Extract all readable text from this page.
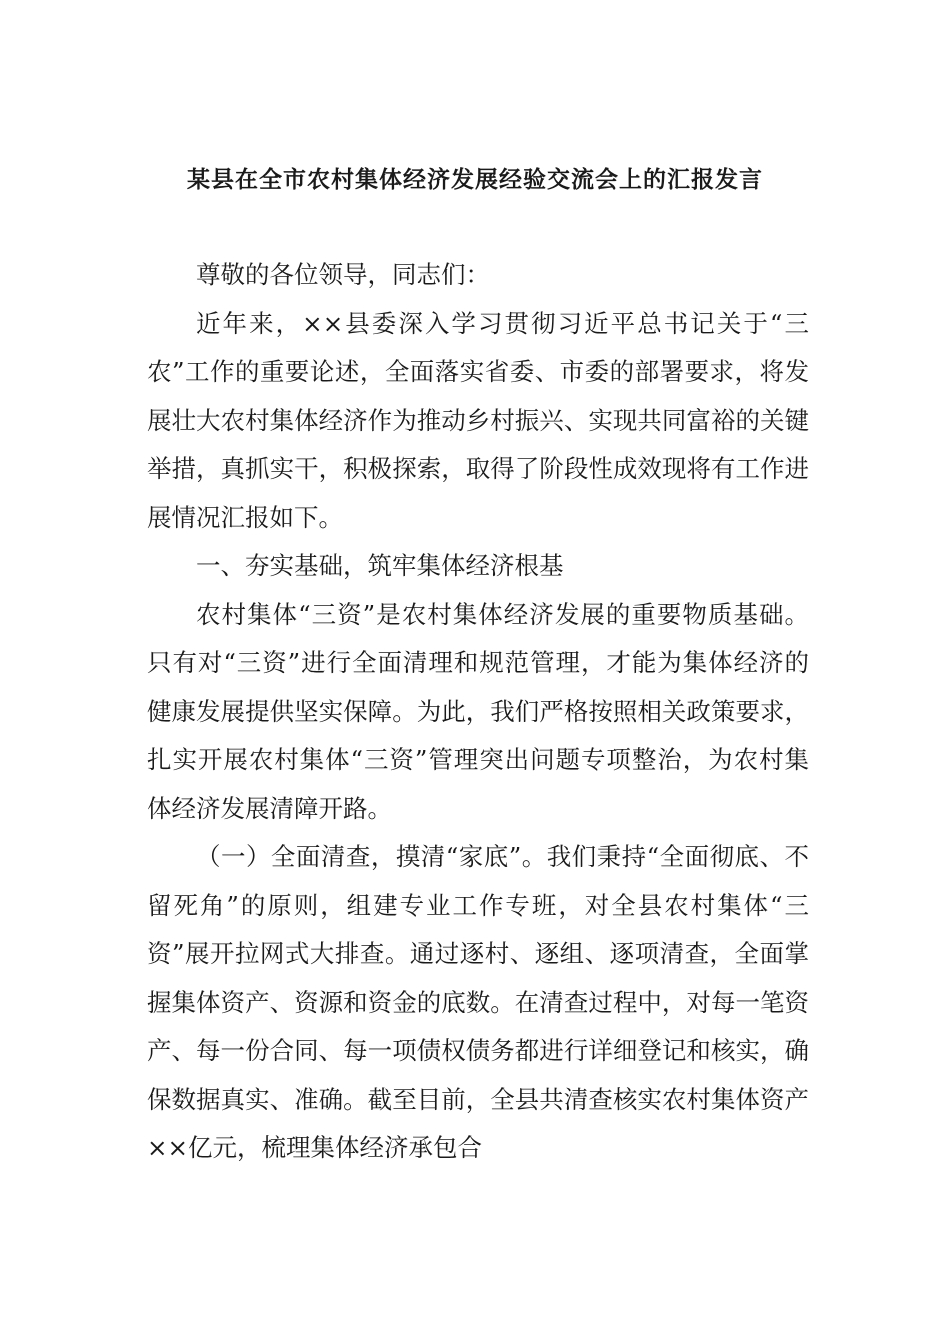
某县在全市农村集体经济发展经验交流会上的汇报发言

尊敬的各位领导，同志们：

近年来，××县委深入学习贯彻习近平总书记关于“三农”工作的重要论述，全面落实省委、市委的部署要求，将发展壮大农村集体经济作为推动乡村振兴、实现共同富裕的关键举措，真抓实干，积极探索，取得了阶段性成效现将有工作进展情况汇报如下。

一、夯实基础，筑牢集体经济根基

农村集体“三资”是农村集体经济发展的重要物质基础。只有对“三资”进行全面清理和规范管理，才能为集体经济的健康发展提供坚实保障。为此，我们严格按照相关政策要求，扎实开展农村集体“三资”管理突出问题专项整治，为农村集体经济发展清障开路。

（一）全面清查，摸清“家底”。我们秉持“全面彻底、不留死角”的原则，组建专业工作专班，对全县农村集体“三资”展开拉网式大排查。通过逐村、逐组、逐项清查，全面掌握集体资产、资源和资金的底数。在清查过程中，对每一笔资产、每一份合同、每一项债权债务都进行详细登记和核实，确保数据真实、准确。截至目前，全县共清查核实农村集体资产××亿元，梳理集体经济承包合
